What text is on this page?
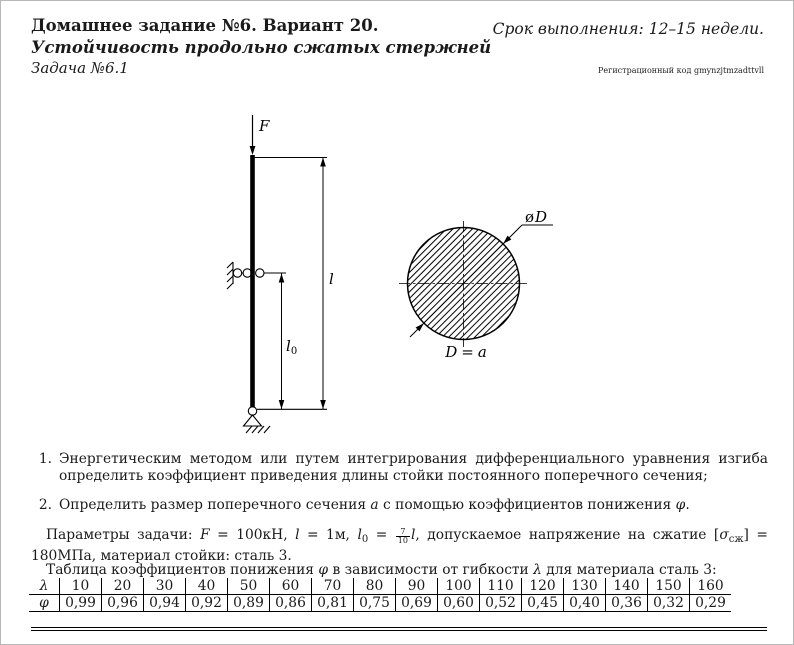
Домашнее задание №6. Вариант 20.
Устойчивость продольно сжатых стержней
Задача №6.1
Срок выполнения: 12–15 недели.
Регистрационный код gmynzjtmzadttvll
F
l
$l_0$
øD
D = a
1. Энергетическим методом или путем интегрирования дифференциального уравнения изгиба определить коэффициент приведения длины стойки постоянного поперечного сечения;
2. Определить размер поперечного сечения a с помощью коэффициентов понижения φ.
Параметры задачи: F = 100кН, l = 1м, $l_0 = \frac{7}{10} l$, допускаемое напряжение на сжатие $[\sigma_{сж}] = 180МПа$, материал стойки: сталь 3.
Таблица коэффициентов понижения φ в зависимости от гибкости λ для материала сталь 3:
λ	10	20	30	40	50	60	70	80	90	100	110	120	130	140	150	160
φ	0,99	0,96	0,94	0,92	0,89	0,86	0,81	0,75	0,69	0,60	0,52	0,45	0,40	0,36	0,32	0,29
